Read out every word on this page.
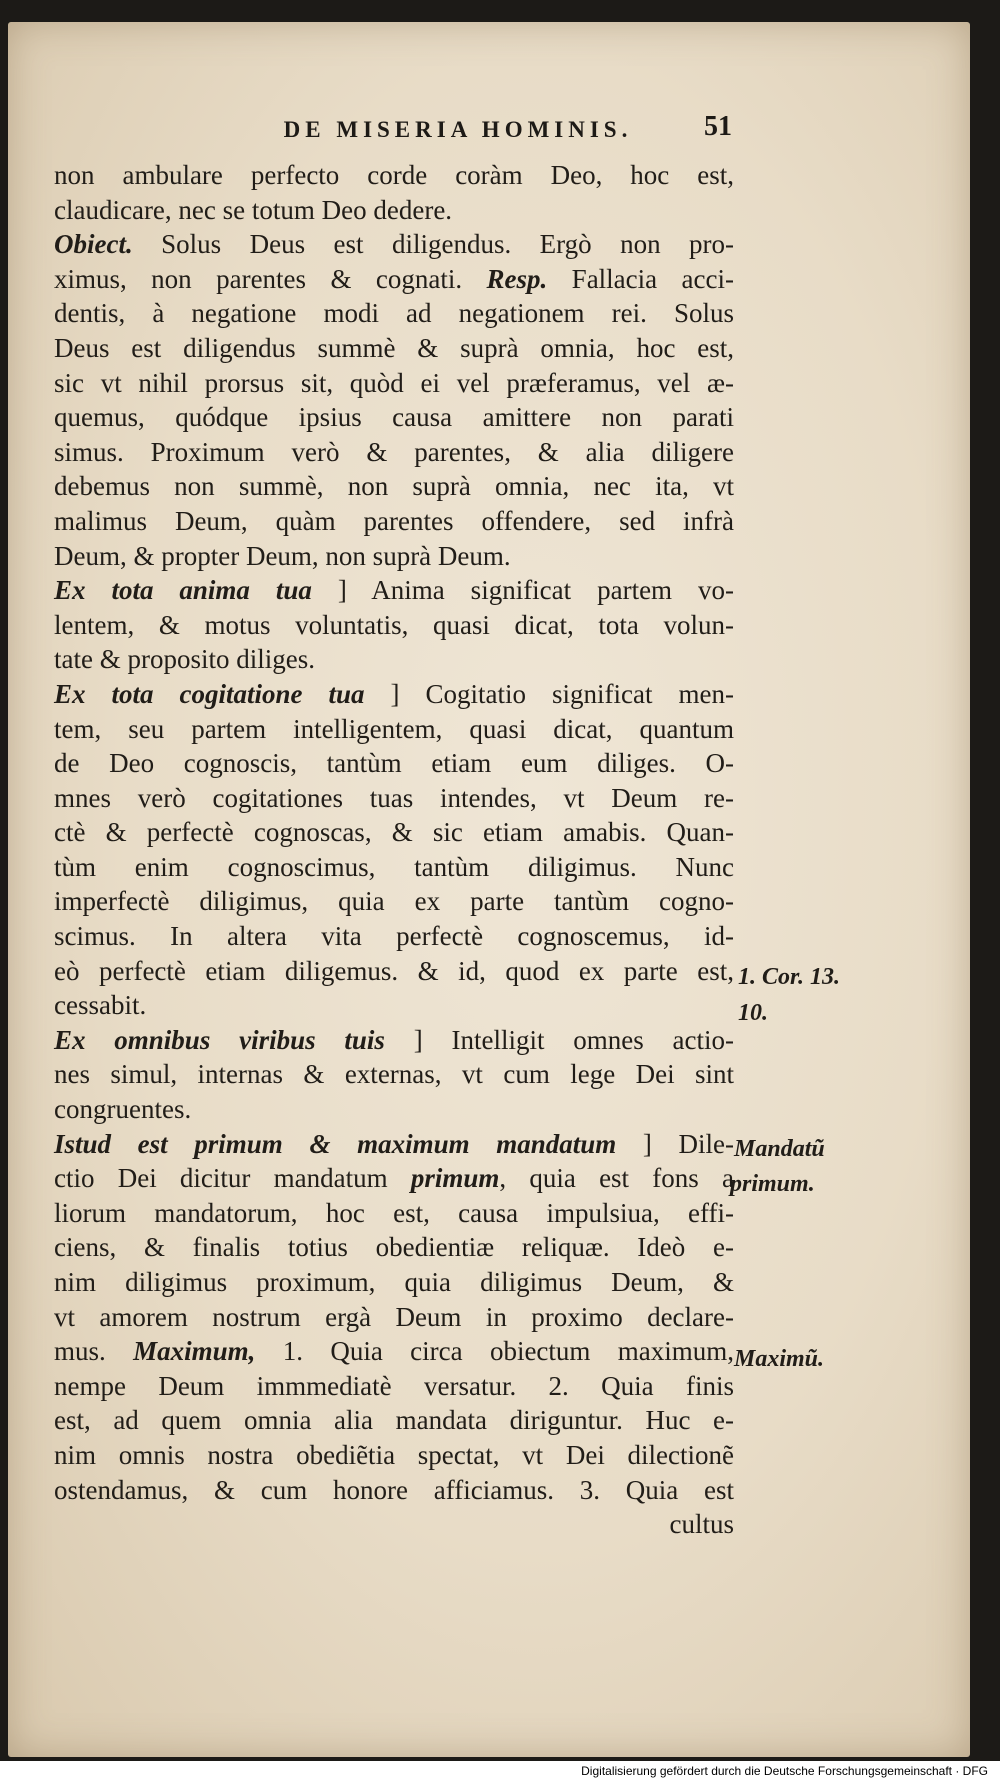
DE MISERIA HOMINIS.	51
non ambulare perfecto corde coràm Deo, hoc est,
claudicare, nec se totum Deo dedere.
Obiect. Solus Deus est diligendus. Ergò non pro-
ximus, non parentes & cognati. Resp. Fallacia acci-
dentis, à negatione modi ad negationem rei. Solus
Deus est diligendus summè & suprà omnia, hoc est,
sic vt nihil prorsus sit, quòd ei vel præferamus, vel æ-
quemus, quódque ipsius causa amittere non parati
simus. Proximum verò & parentes, & alia diligere
debemus non summè, non suprà omnia, nec ita, vt
malimus Deum, quàm parentes offendere, sed infrà
Deum, & propter Deum, non suprà Deum.
Ex tota anima tua ] Anima significat partem vo-
lentem, & motus voluntatis, quasi dicat, tota volun-
tate & proposito diliges.
Ex tota cogitatione tua ] Cogitatio significat men-
tem, seu partem intelligentem, quasi dicat, quantum
de Deo cognoscis, tantùm etiam eum diliges. O-
mnes verò cogitationes tuas intendes, vt Deum re-
ctè & perfectè cognoscas, & sic etiam amabis. Quan-
tùm enim cognoscimus, tantùm diligimus. Nunc
imperfectè diligimus, quia ex parte tantùm cogno-
scimus. In altera vita perfectè cognoscemus, id-
eò perfectè etiam diligemus. & id, quod ex parte est,
cessabit.
Ex omnibus viribus tuis ] Intelligit omnes actio-
nes simul, internas & externas, vt cum lege Dei sint
congruentes.
Istud est primum & maximum mandatum ] Dile-
ctio Dei dicitur mandatum primum, quia est fons a
liorum mandatorum, hoc est, causa impulsiua, effi-
ciens, & finalis totius obedientiæ reliquæ. Ideò e-
nim diligimus proximum, quia diligimus Deum, &
vt amorem nostrum ergà Deum in proximo declare-
mus. Maximum, 1. Quia circa obiectum maximum,
nempe Deum immmediatè versatur. 2. Quia finis
est, ad quem omnia alia mandata diriguntur. Huc e-
nim omnis nostra obediẽtia spectat, vt Dei dilectionẽ
ostendamus, & cum honore afficiamus. 3. Quia est
cultus
1. Cor. 13.
10.
Mandatũ
primum.
Maximũ.
Digitalisierung gefördert durch die Deutsche Forschungsgemeinschaft · DFG
